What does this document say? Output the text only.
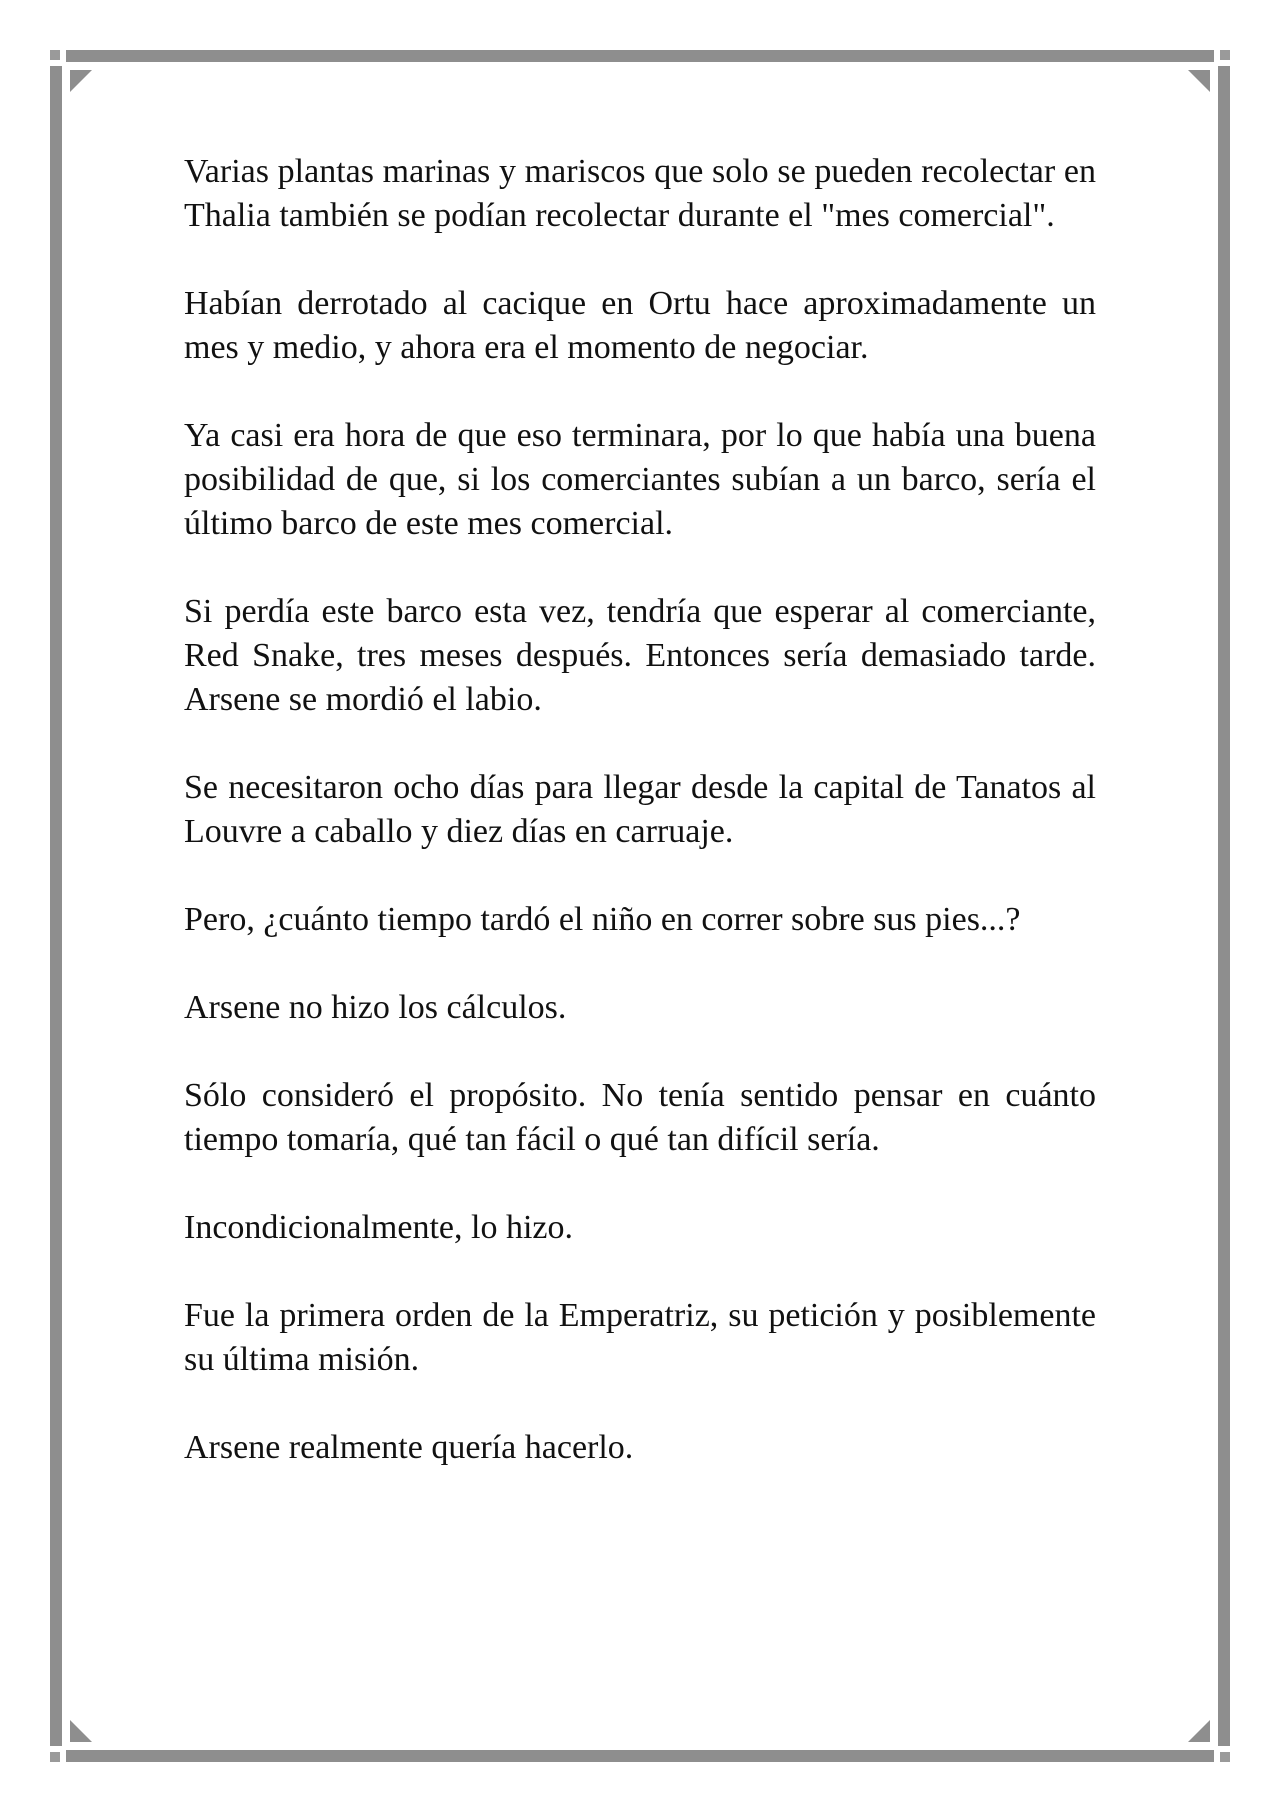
Varias plantas marinas y mariscos que solo se pueden recolectar en Thalia también se podían recolectar durante el "mes comercial".

Habían derrotado al cacique en Ortu hace aproximadamente un mes y medio, y ahora era el momento de negociar.

Ya casi era hora de que eso terminara, por lo que había una buena posibilidad de que, si los comerciantes subían a un barco, sería el último barco de este mes comercial.

Si perdía este barco esta vez, tendría que esperar al comerciante, Red Snake, tres meses después. Entonces sería demasiado tarde. Arsene se mordió el labio.

Se necesitaron ocho días para llegar desde la capital de Tanatos al Louvre a caballo y diez días en carruaje.

Pero, ¿cuánto tiempo tardó el niño en correr sobre sus pies...?

Arsene no hizo los cálculos.

Sólo consideró el propósito. No tenía sentido pensar en cuánto tiempo tomaría, qué tan fácil o qué tan difícil sería.

Incondicionalmente, lo hizo.

Fue la primera orden de la Emperatriz, su petición y posiblemente su última misión.

Arsene realmente quería hacerlo.
